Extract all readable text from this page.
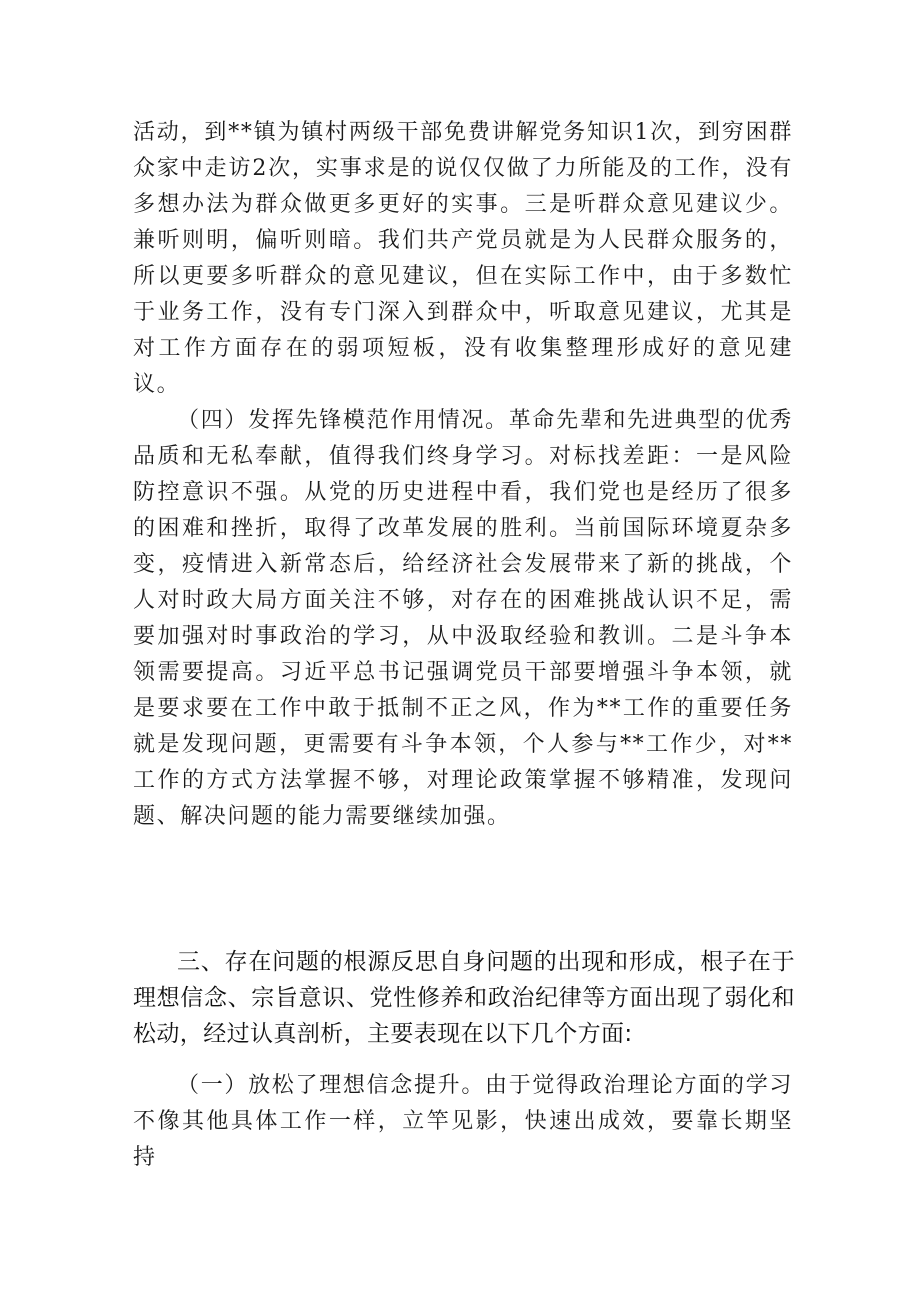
活动，到**镇为镇村两级干部免费讲解党务知识1次，到穷困群众家中走访2次，实事求是的说仅仅做了力所能及的工作，没有多想办法为群众做更多更好的实事。三是听群众意见建议少。兼听则明，偏听则暗。我们共产党员就是为人民群众服务的，所以更要多听群众的意见建议，但在实际工作中，由于多数忙于业务工作，没有专门深入到群众中，听取意见建议，尤其是对工作方面存在的弱项短板，没有收集整理形成好的意见建议。

（四）发挥先锋模范作用情况。革命先辈和先进典型的优秀品质和无私奉献，值得我们终身学习。对标找差距：一是风险防控意识不强。从党的历史进程中看，我们党也是经历了很多的困难和挫折，取得了改革发展的胜利。当前国际环境夏杂多变，疫情进入新常态后，给经济社会发展带来了新的挑战，个人对时政大局方面关注不够，对存在的困难挑战认识不足，需要加强对时事政治的学习，从中汲取经验和教训。二是斗争本领需要提高。习近平总书记强调党员干部要增强斗争本领，就是要求要在工作中敢于抵制不正之风，作为**工作的重要任务就是发现问题，更需要有斗争本领，个人参与**工作少，对**工作的方式方法掌握不够，对理论政策掌握不够精准，发现问题、解决问题的能力需要继续加强。

三、存在问题的根源反思自身问题的出现和形成，根子在于理想信念、宗旨意识、党性修养和政治纪律等方面出现了弱化和松动，经过认真剖析，主要表现在以下几个方面:

（一）放松了理想信念提升。由于觉得政治理论方面的学习不像其他具体工作一样，立竿见影，快速出成效，要靠长期坚持
